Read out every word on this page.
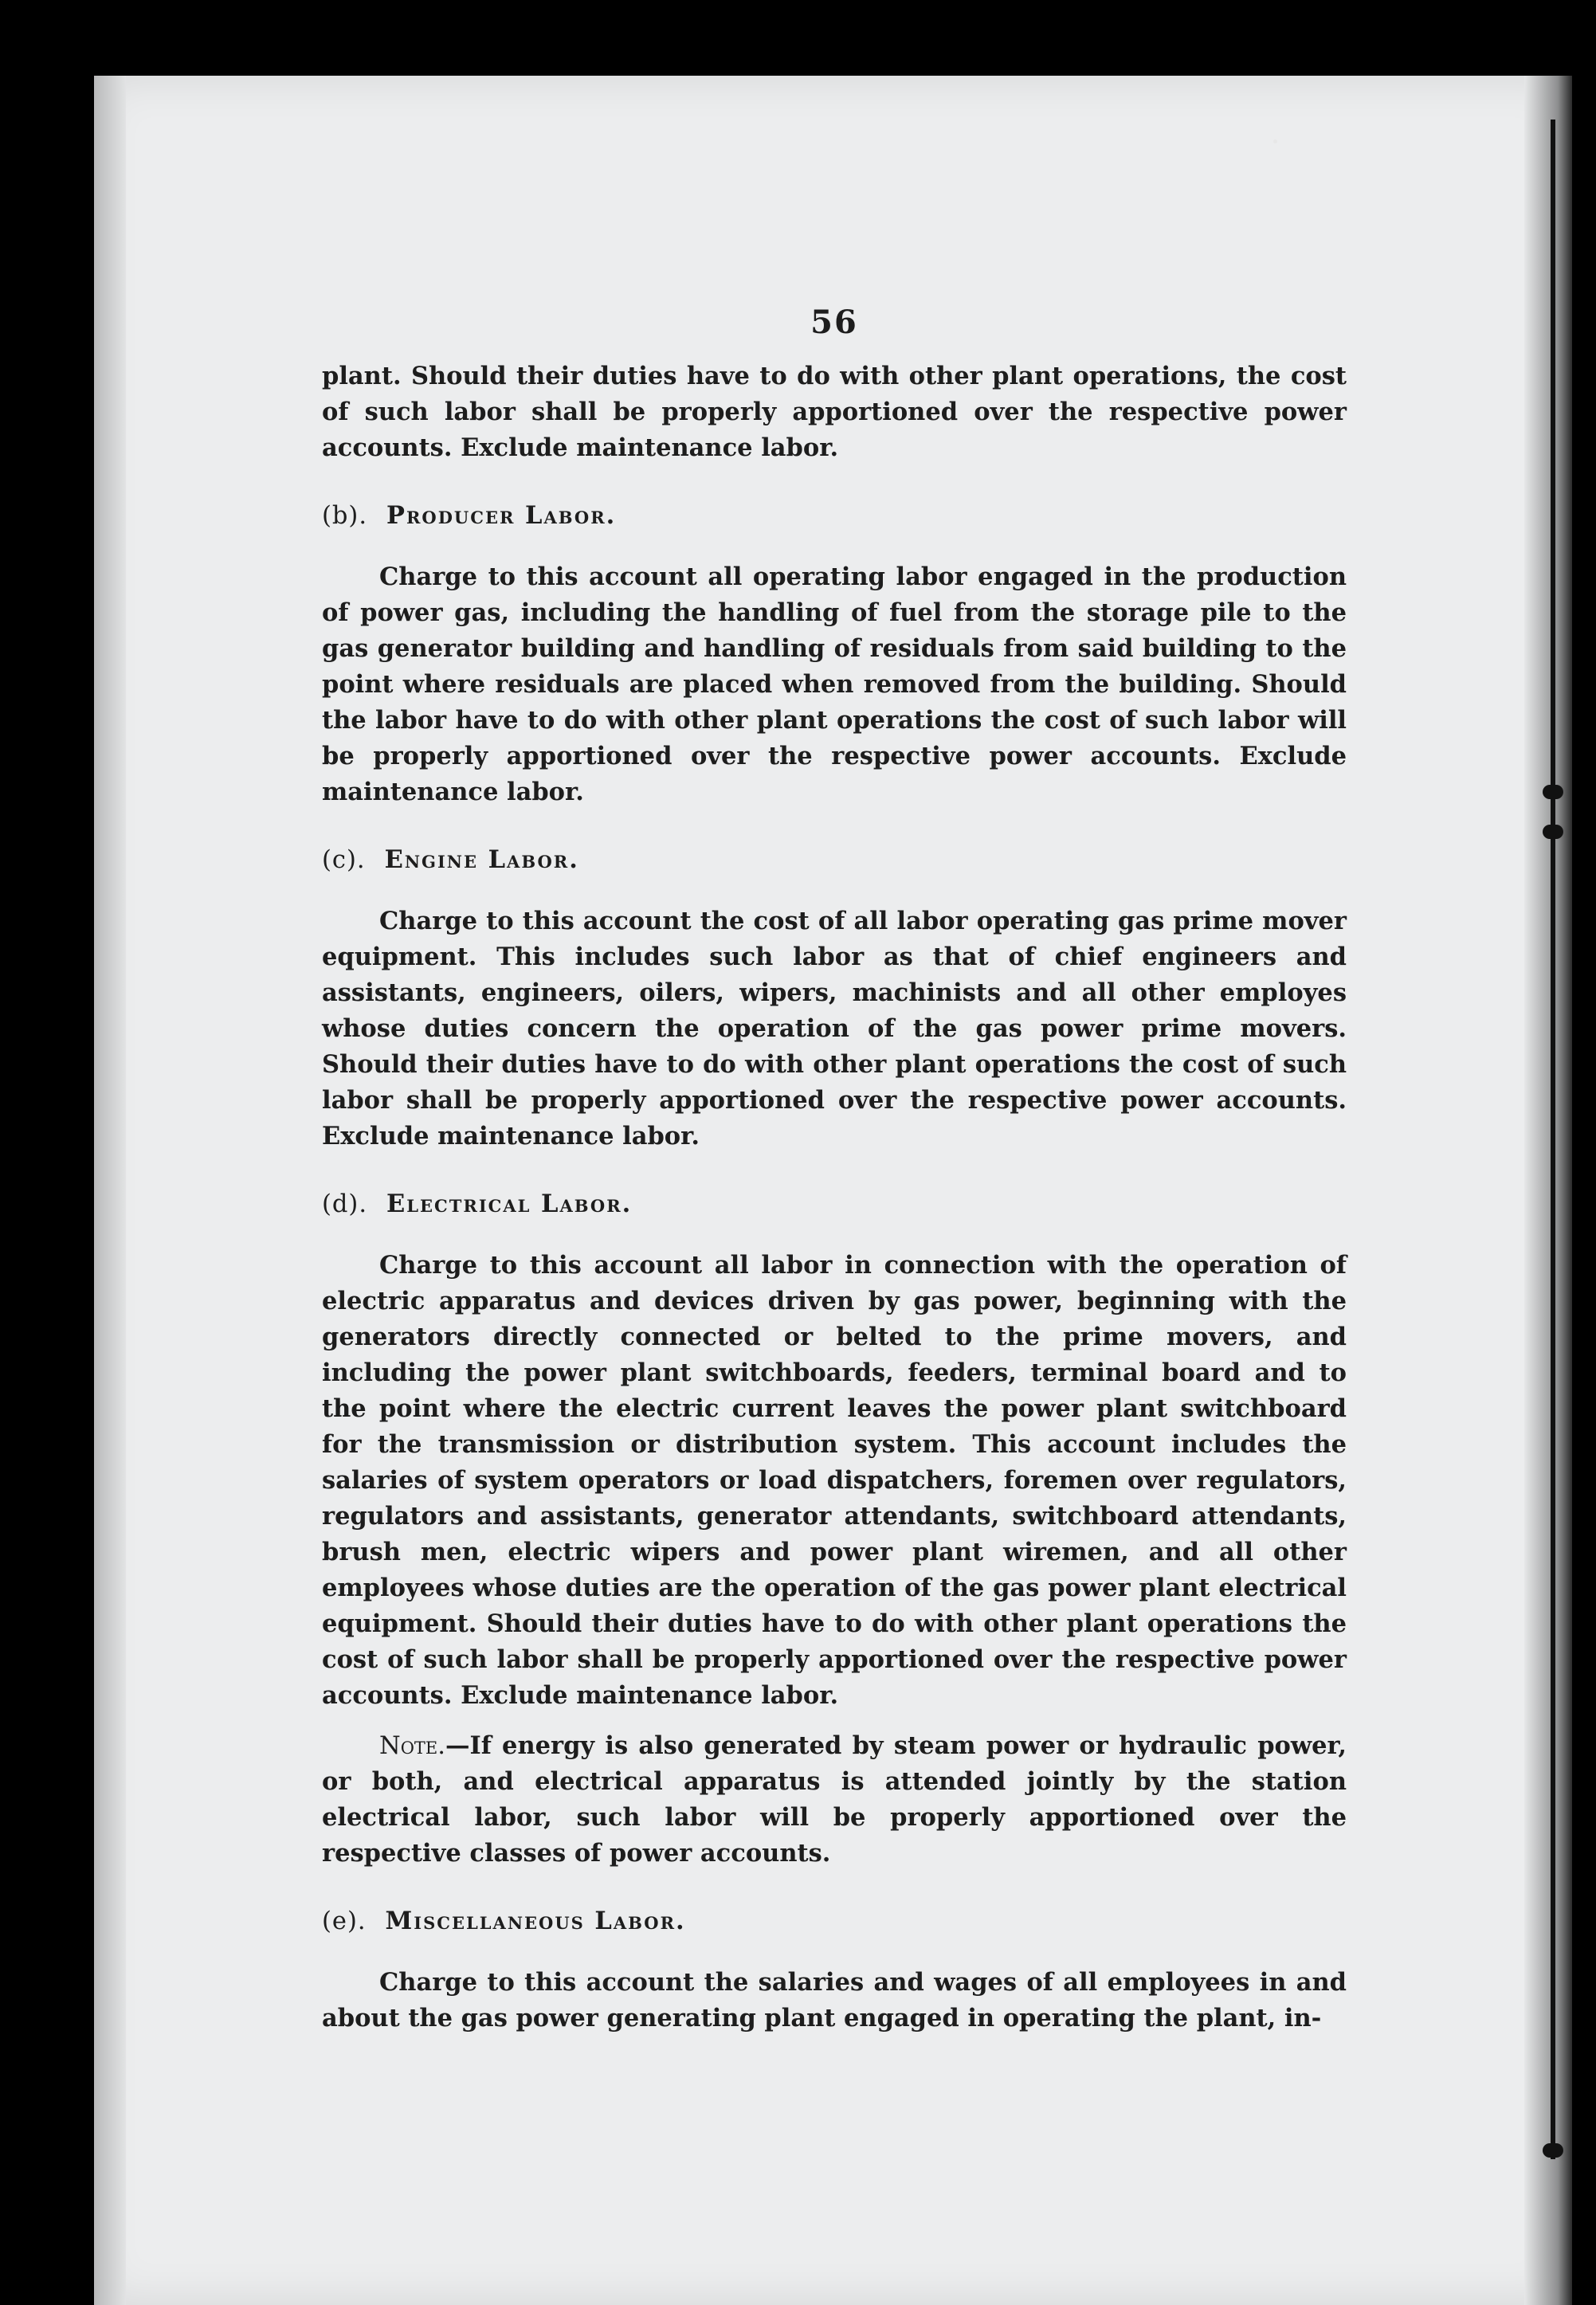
56

plant. Should their duties have to do with other plant operations, the cost of such labor shall be properly apportioned over the respective power accounts. Exclude maintenance labor.

(b). Producer Labor.

Charge to this account all operating labor engaged in the production of power gas, including the handling of fuel from the storage pile to the gas generator building and handling of residuals from said building to the point where residuals are placed when removed from the building. Should the labor have to do with other plant operations the cost of such labor will be properly apportioned over the respective power accounts. Exclude maintenance labor.

(c). Engine Labor.

Charge to this account the cost of all labor operating gas prime mover equipment. This includes such labor as that of chief engineers and assistants, engineers, oilers, wipers, machinists and all other employes whose duties concern the operation of the gas power prime movers. Should their duties have to do with other plant operations the cost of such labor shall be properly apportioned over the respective power accounts. Exclude maintenance labor.

(d). Electrical Labor.

Charge to this account all labor in connection with the operation of electric apparatus and devices driven by gas power, beginning with the generators directly connected or belted to the prime movers, and including the power plant switchboards, feeders, terminal board and to the point where the electric current leaves the power plant switchboard for the transmission or distribution system. This account includes the salaries of system operators or load dispatchers, foremen over regulators, regulators and assistants, generator attendants, switchboard attendants, brush men, electric wipers and power plant wiremen, and all other employees whose duties are the operation of the gas power plant electrical equipment. Should their duties have to do with other plant operations the cost of such labor shall be properly apportioned over the respective power accounts. Exclude maintenance labor.

Note.—If energy is also generated by steam power or hydraulic power, or both, and electrical apparatus is attended jointly by the station electrical labor, such labor will be properly apportioned over the respective classes of power accounts.

(e). Miscellaneous Labor.

Charge to this account the salaries and wages of all employees in and about the gas power generating plant engaged in operating the plant, in-
